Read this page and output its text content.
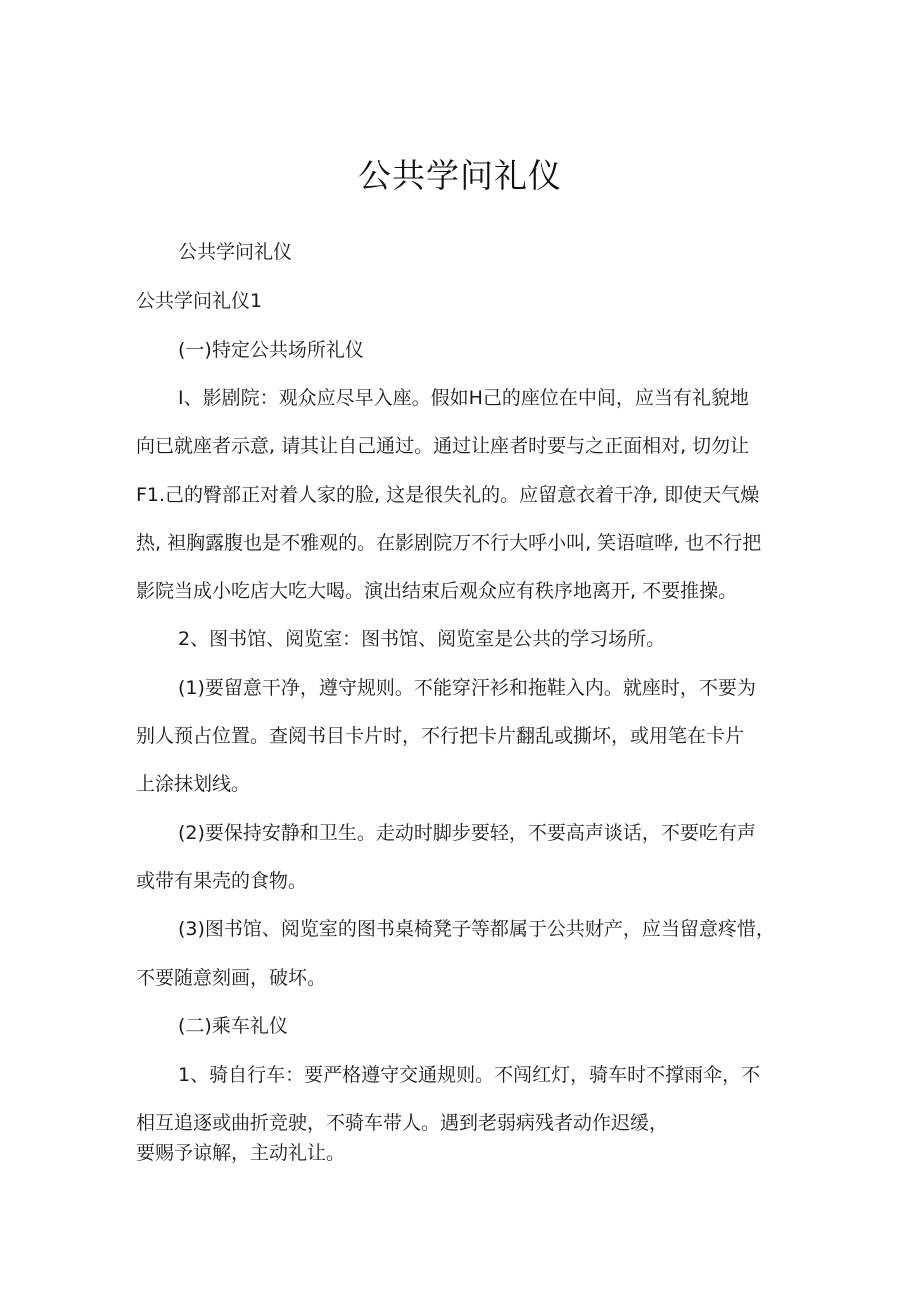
公共学问礼仪
公共学问礼仪
公共学问礼仪1
(一)特定公共场所礼仪
I、影剧院：观众应尽早入座。假如H己的座位在中间，应当有礼貌地
向已就座者示意, 请其让自己通过。通过让座者时要与之正面相对, 切勿让
F1.己的臀部正对着人家的脸, 这是很失礼的。应留意衣着干净, 即使天气燥
热, 袒胸露腹也是不雅观的。在影剧院万不行大呼小叫, 笑语喧哗, 也不行把
影院当成小吃店大吃大喝。演出结束后观众应有秩序地离开, 不要推操。
2、图书馆、阅览室：图书馆、阅览室是公共的学习场所。
(1)要留意干净，遵守规则。不能穿汗衫和拖鞋入内。就座时，不要为
别人预占位置。查阅书目卡片时，不行把卡片翻乱或撕坏，或用笔在卡片
上涂抹划线。
(2)要保持安静和卫生。走动时脚步要轻，不要高声谈话，不要吃有声
或带有果壳的食物。
(3)图书馆、阅览室的图书桌椅凳子等都属于公共财产，应当留意疼惜，
不要随意刻画，破坏。
(二)乘车礼仪
1、骑自行车：要严格遵守交通规则。不闯红灯，骑车时不撑雨伞，不
相互追逐或曲折竞驶，不骑车带人。遇到老弱病残者动作迟缓，
要赐予谅解，主动礼让。
